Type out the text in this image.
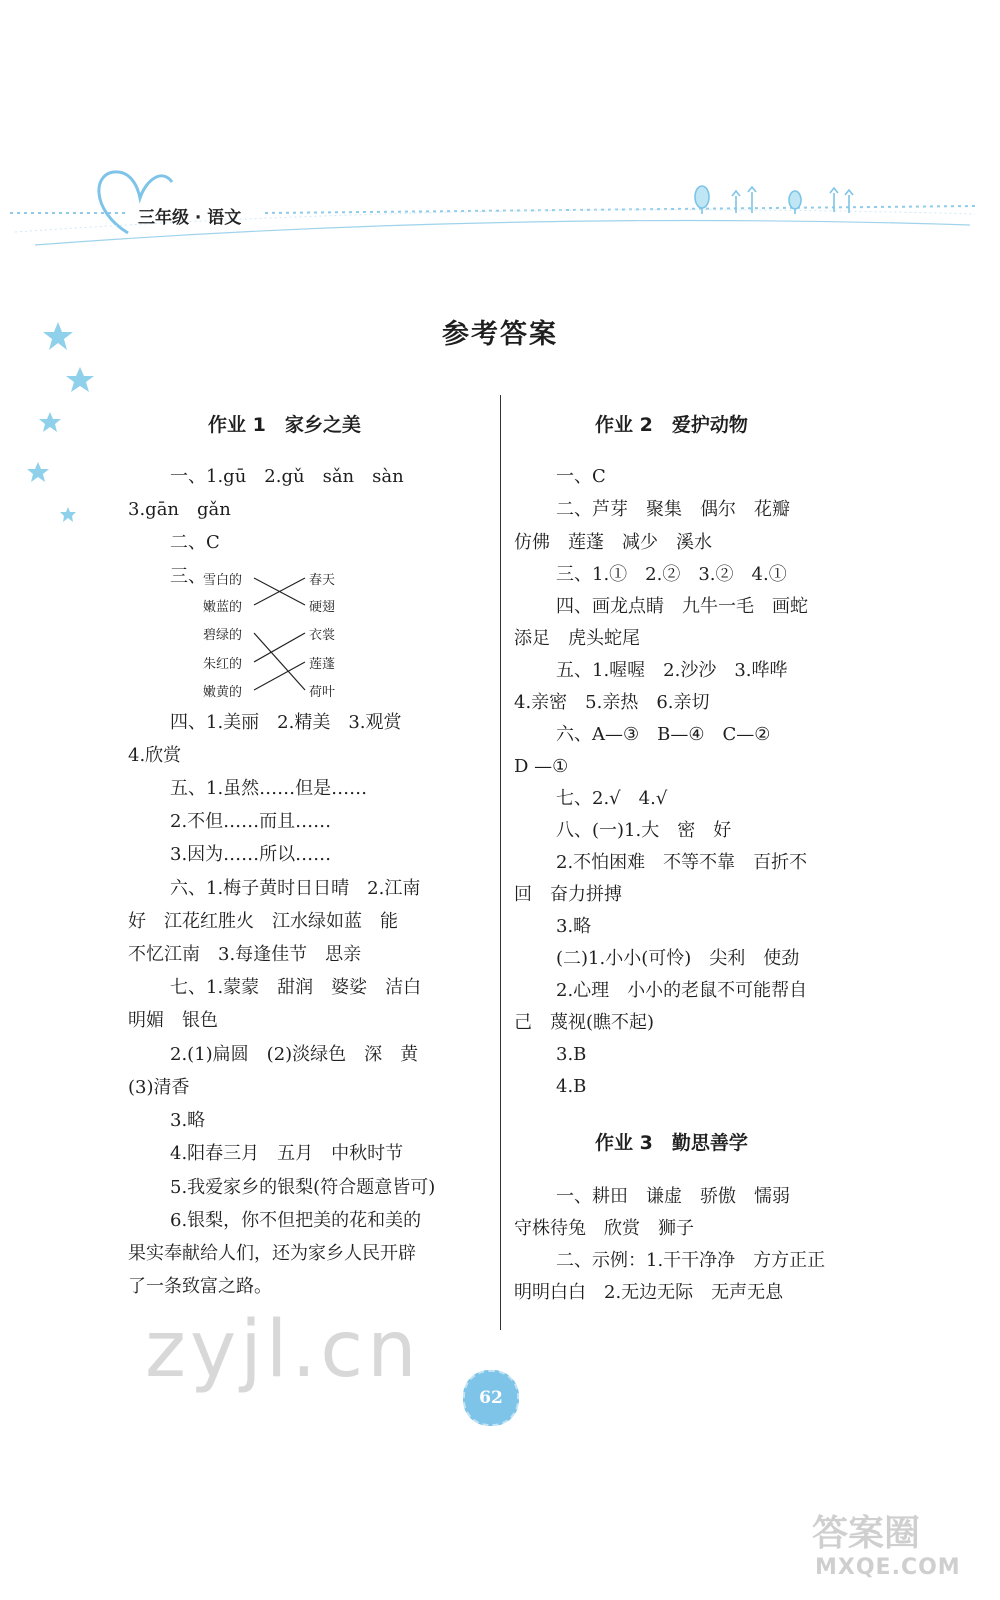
三年级 · 语文
参考答案
作业 1　家乡之美
一、1.gū　2.gǔ　sǎn　sàn
3.gān　gǎn
二、C
三、
雪白的
嫩蓝的
碧绿的
朱红的
嫩黄的
春天
硬翅
衣裳
莲蓬
荷叶
四、1.美丽　2.精美　3.观赏
4.欣赏
五、1.虽然……但是……
2.不但……而且……
3.因为……所以……
六、1.梅子黄时日日晴　2.江南
好　江花红胜火　江水绿如蓝　能
不忆江南　3.每逢佳节　思亲
七、1.蒙蒙　甜润　婆娑　洁白
明媚　银色
2.(1)扁圆　(2)淡绿色　深　黄
(3)清香
3.略
4.阳春三月　五月　中秋时节
5.我爱家乡的银梨(符合题意皆可)
6.银梨，你不但把美的花和美的
果实奉献给人们，还为家乡人民开辟
了一条致富之路。
作业 2　爱护动物
一、C
二、芦芽　聚集　偶尔　花瓣
仿佛　莲蓬　减少　溪水
三、1.①　2.②　3.②　4.①
四、画龙点睛　九牛一毛　画蛇
添足　虎头蛇尾
五、1.喔喔　2.沙沙　3.哗哗
4.亲密　5.亲热　6.亲切
六、A—③　B—④　C—②
D —①
七、2.√　4.√
八、(一)1.大　密　好
2.不怕困难　不等不靠　百折不
回　奋力拼搏
3.略
(二)1.小小(可怜)　尖利　使劲
2.心理　小小的老鼠不可能帮自
己　蔑视(瞧不起)
3.B
4.B
作业 3　勤思善学
一、耕田　谦虚　骄傲　懦弱
守株待兔　欣赏　狮子
二、示例：1.干干净净　方方正正
明明白白　2.无边无际　无声无息
zyjl.cn
62
答案圈
MXQE.COM
